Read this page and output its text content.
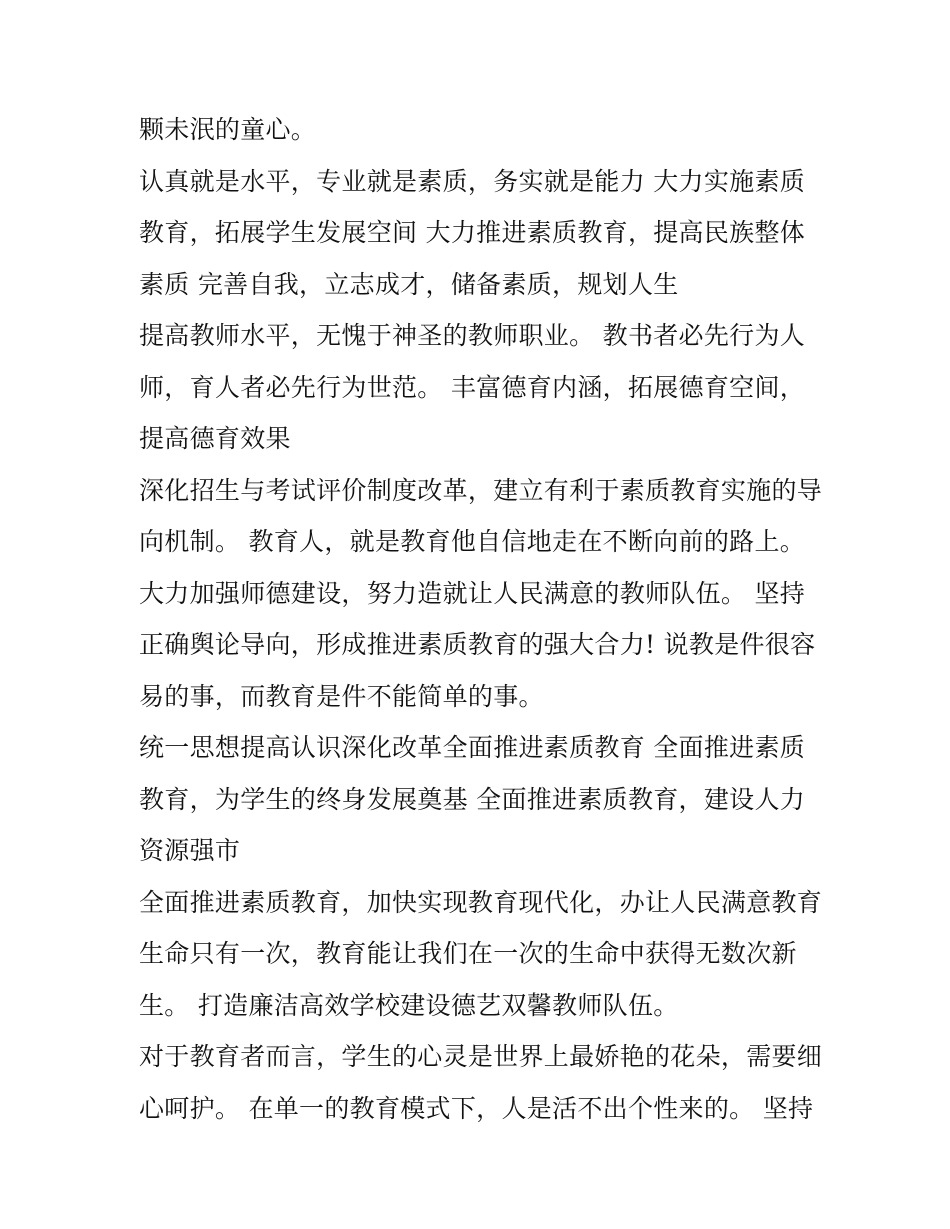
颗未泯的童心。
认真就是水平，专业就是素质，务实就是能力 大力实施素质
教育，拓展学生发展空间 大力推进素质教育，提高民族整体
素质 完善自我，立志成才，储备素质，规划人生
提高教师水平，无愧于神圣的教师职业。 教书者必先行为人
师，育人者必先行为世范。 丰富德育内涵，拓展德育空间，
提高德育效果
深化招生与考试评价制度改革，建立有利于素质教育实施的导
向机制。 教育人，就是教育他自信地走在不断向前的路上。
大力加强师德建设，努力造就让人民满意的教师队伍。 坚持
正确舆论导向，形成推进素质教育的强大合力! 说教是件很容
易的事，而教育是件不能简单的事。
统一思想提高认识深化改革全面推进素质教育 全面推进素质
教育，为学生的终身发展奠基 全面推进素质教育，建设人力
资源强市
全面推进素质教育，加快实现教育现代化，办让人民满意教育
生命只有一次，教育能让我们在一次的生命中获得无数次新
生。 打造廉洁高效学校建设德艺双馨教师队伍。
对于教育者而言，学生的心灵是世界上最娇艳的花朵，需要细
心呵护。 在单一的教育模式下，人是活不出个性来的。 坚持
